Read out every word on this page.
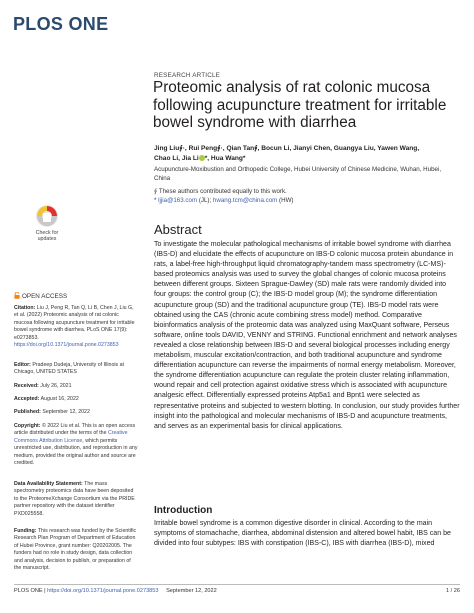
PLOS ONE
Check for
updates
OPEN ACCESS
Citation: Liu J, Peng R, Tan Q, Li B, Chen J, Liu G, et al. (2022) Proteomic analysis of rat colonic mucosa following acupuncture treatment for irritable bowel syndrome with diarrhea. PLoS ONE 17(9): e0273853. https://doi.org/10.1371/journal.pone.0273853
Editor: Pradeep Dudeja, University of Illinois at Chicago, UNITED STATES
Received: July 26, 2021
Accepted: August 16, 2022
Published: September 12, 2022
Copyright: © 2022 Liu et al. This is an open access article distributed under the terms of the Creative Commons Attribution License, which permits unrestricted use, distribution, and reproduction in any medium, provided the original author and source are credited.
Data Availability Statement: The mass spectrometry proteomics data have been deposited to the ProteomeXchange Consortium via the PRIDE partner repository with the dataset identifier PXD025558.
Funding: This research was funded by the Scientific Research Plan Program of Department of Education of Hubei Province, grant number: Q20202005. The funders had no role in study design, data collection and analysis, decision to publish, or preparation of the manuscript.
RESEARCH ARTICLE
Proteomic analysis of rat colonic mucosa following acupuncture treatment for irritable bowel syndrome with diarrhea
Jing Liu⨚·, Rui Peng⨚·, Qian Tan⨚, Bocun Li, Jianyi Chen, Guangya Liu, Yawen Wang,
Chao Li, Jia Li *, Hua Wang*
Acupuncture-Moxibustion and Orthopedic College, Hubei University of Chinese Medicine, Wuhan, Hubei, China
⨚ These authors contributed equally to this work.
* ljjia@163.com (JL); hwang.tcm@china.com (HW)
Abstract

To investigate the molecular pathological mechanisms of irritable bowel syndrome with diarrhea (IBS-D) and elucidate the effects of acupuncture on IBS-D colonic mucosa protein abundance in rats, a label-free high-throughput liquid chromatography-tandem mass spectrometry (LC-MS)-based proteomics analysis was used to survey the global changes of colonic mucosa proteins between different groups. Sixteen Sprague-Dawley (SD) male rats were randomly divided into four groups: the control group (C); the IBS-D model group (M); the syndrome differentiation acupuncture group (SD) and the traditional acupuncture group (TE). IBS-D model rats were obtained using the CAS (chronic acute combining stress model) method. Comparative bioinformatics analysis of the proteomic data was analyzed using MaxQuant software, Perseus software, online tools DAVID, VENNY and STRING. Functional enrichment and network analyses revealed a close relationship between IBS-D and several biological processes including energy metabolism, muscular excitation/contraction, and both traditional acupuncture and syndrome differentiation acupuncture can reverse the impairments of normal energy metabolism. Moreover, the syndrome differentiation acupuncture can regulate the protein cluster relating inflammation, wound repair and cell protection against oxidative stress which is associated with acupuncture analgesic effect. Differentially expressed proteins Atp5a1 and Bpnt1 were selected as representative proteins and subjected to western blotting. In conclusion, our study provides further insight into the pathological and molecular mechanisms of IBS-D and acupuncture treatments, and serves as an experimental basis for clinical applications.

Introduction

Irritable bowel syndrome is a common digestive disorder in clinical. According to the main symptoms of stomachache, diarrhea, abdominal distension and altered bowel habit, IBS can be divided into four subtypes: IBS with constipation (IBS-C), IBS with diarrhea (IBS-D), mixed

PLOS ONE | https://doi.org/10.1371/journal.pone.0273853 September 12, 2022	1 / 26
